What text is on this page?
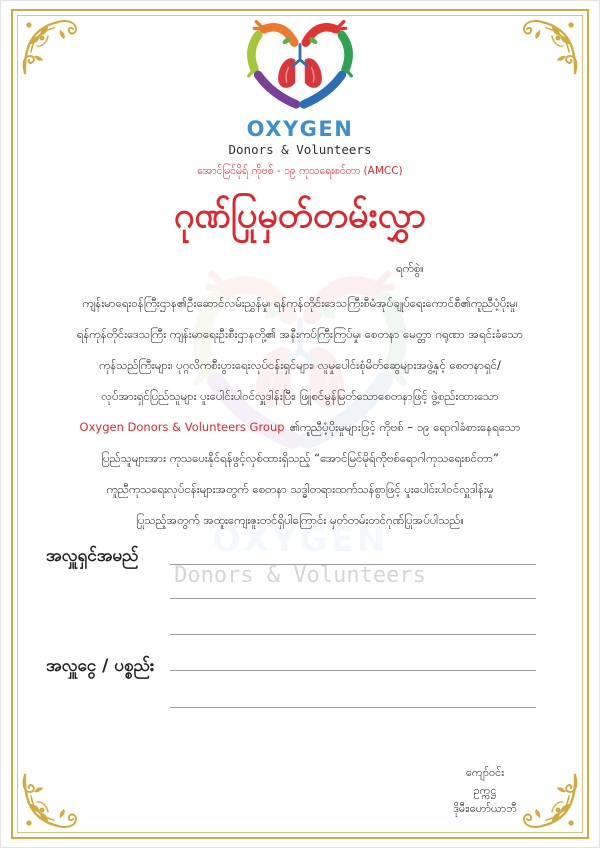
OXYGEN
Donors & Volunteers
OXYGEN
Donors & Volunteers
အောင်မြင်မိုရ် ကိုဗစ် - ၁၉ ကုသရေးစင်တာ (AMCC)
ဂုဏ်ပြုမှတ်တမ်းလွှာ
ရက်စွဲ။
ကျန်းမာရေးဝန်ကြီးဌာန၏ဦးဆောင်လမ်းညွှန်မှု၊ ရန်ကုန်တိုင်းဒေသကြီးစီမံအုပ်ချုပ်ရေးကောင်စီ၏ကူညီပံ့ပိုးမှု၊
ရန်ကုန်တိုင်းဒေသကြီး ကျန်းမာရေးဦးစီးဌာနတို့၏ အနီးကပ်ကြီးကြပ်မှု၊ စေတနာ မေတ္တာ ဂရုဏာ အရင်းခံသော
ကုန်သည်ကြီးများ၊ ပုဂ္ဂလိကစီးပွားရေးလုပ်ငန်းရှင်များ၊ လူမှုပေါင်းစုံမိတ်ဆွေများအဖွဲ့နှင့် စေတနာရှင်/
လုပ်အားရှင်ပြည်သူများ ပူးပေါင်းပါဝင်လှူဒါန်းပြီး၊ ဖြူစင်မွန်မြတ်သောစေတနာဖြင့် ဖွဲ့စည်းထားသော
Oxygen Donors & Volunteers Group ၏ကူညီပံ့ပိုးမှုများဖြင့် ကိုဗစ် – ၁၉ ရောဂါခံစားနေရသော
ပြည်သူများအား ကုသပေးနိုင်ရန်ဖွင့်လှစ်ထားရှိသည့် “အောင်မြင်မိုရ်ကိုဗစ်ရောဂါကုသရေးစင်တာ”
ကူညီကုသရေးလုပ်ငန်းများအတွက် စေတနာ သဒ္ဓါတရားထက်သန်စွာဖြင့် ပူးပေါင်းပါဝင်လှူဒါန်းမှု
ပြုသည့်အတွက် အထူးကျေးဇူးတင်ရှိပါကြောင်း မှတ်တမ်းတင်ဂုဏ်ပြုအပ်ပါသည်။
အလှူရှင်အမည်
အလှူငွေ / ပစ္စည်း
ကျော်ဝင်း
ဥက္ကဋ္ဌ
ဒိုမီး၊ဟော်ယာဘီ
